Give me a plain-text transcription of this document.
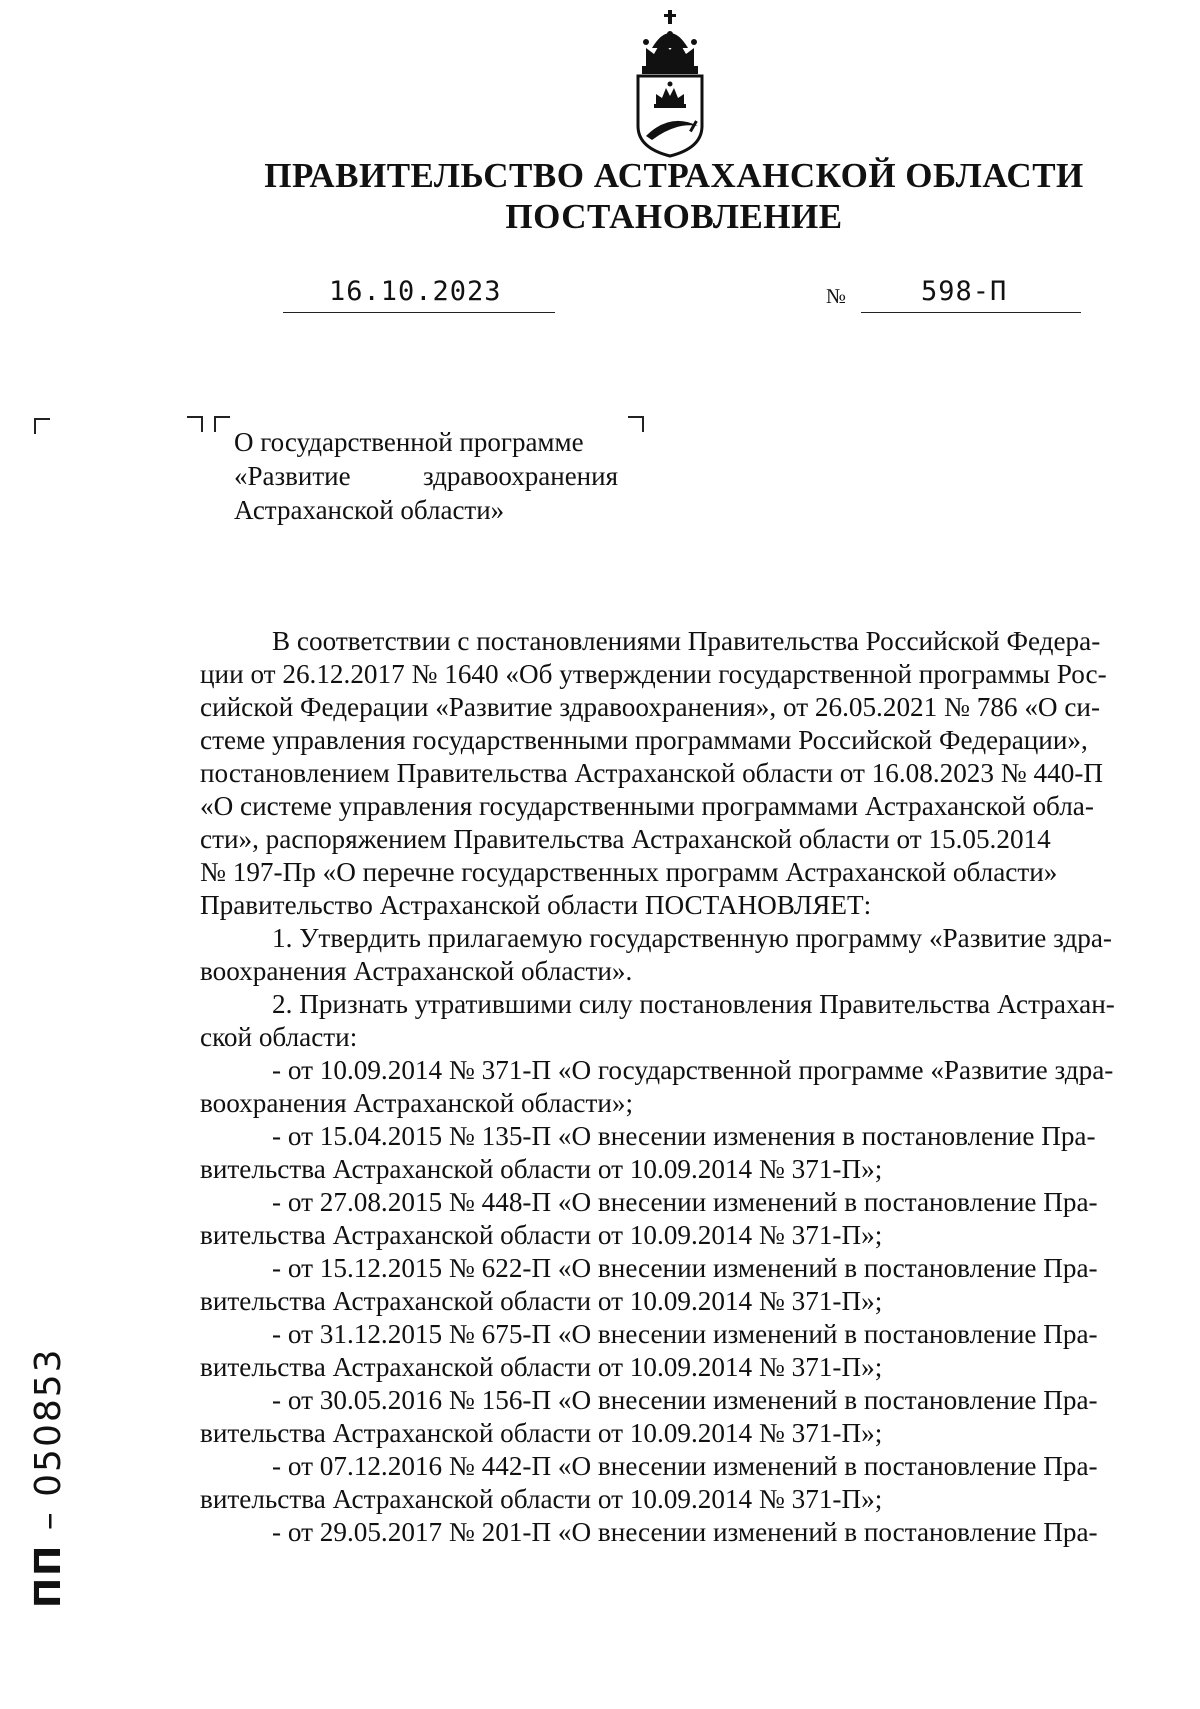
ПРАВИТЕЛЬСТВО АСТРАХАНСКОЙ ОБЛАСТИ
ПОСТАНОВЛЕНИЕ
16.10.2023	№	598-П
О государственной программе
«Развитие	здравоохранения
Астраханской области»
В соответствии с постановлениями Правительства Российской Федера-
ции от 26.12.2017 № 1640 «Об утверждении государственной программы Рос-
сийской Федерации «Развитие здравоохранения», от 26.05.2021 № 786 «О си-
стеме управления государственными программами Российской Федерации»,
постановлением Правительства Астраханской области от 16.08.2023 № 440-П
«О системе управления государственными программами Астраханской обла-
сти», распоряжением Правительства Астраханской области от 15.05.2014
№ 197-Пр «О перечне государственных программ Астраханской области»
Правительство Астраханской области ПОСТАНОВЛЯЕТ:
1. Утвердить прилагаемую государственную программу «Развитие здра-
воохранения Астраханской области».
2. Признать утратившими силу постановления Правительства Астрахан-
ской области:
- от 10.09.2014 № 371-П «О государственной программе «Развитие здра-
воохранения Астраханской области»;
- от 15.04.2015 № 135-П «О внесении изменения в постановление Пра-
вительства Астраханской области от 10.09.2014 № 371-П»;
- от 27.08.2015 № 448-П «О внесении изменений в постановление Пра-
вительства Астраханской области от 10.09.2014 № 371-П»;
- от 15.12.2015 № 622-П «О внесении изменений в постановление Пра-
вительства Астраханской области от 10.09.2014 № 371-П»;
- от 31.12.2015 № 675-П «О внесении изменений в постановление Пра-
вительства Астраханской области от 10.09.2014 № 371-П»;
- от 30.05.2016 № 156-П «О внесении изменений в постановление Пра-
вительства Астраханской области от 10.09.2014 № 371-П»;
- от 07.12.2016 № 442-П «О внесении изменений в постановление Пра-
вительства Астраханской области от 10.09.2014 № 371-П»;
- от 29.05.2017 № 201-П «О внесении изменений в постановление Пра-
ПП – 050853
